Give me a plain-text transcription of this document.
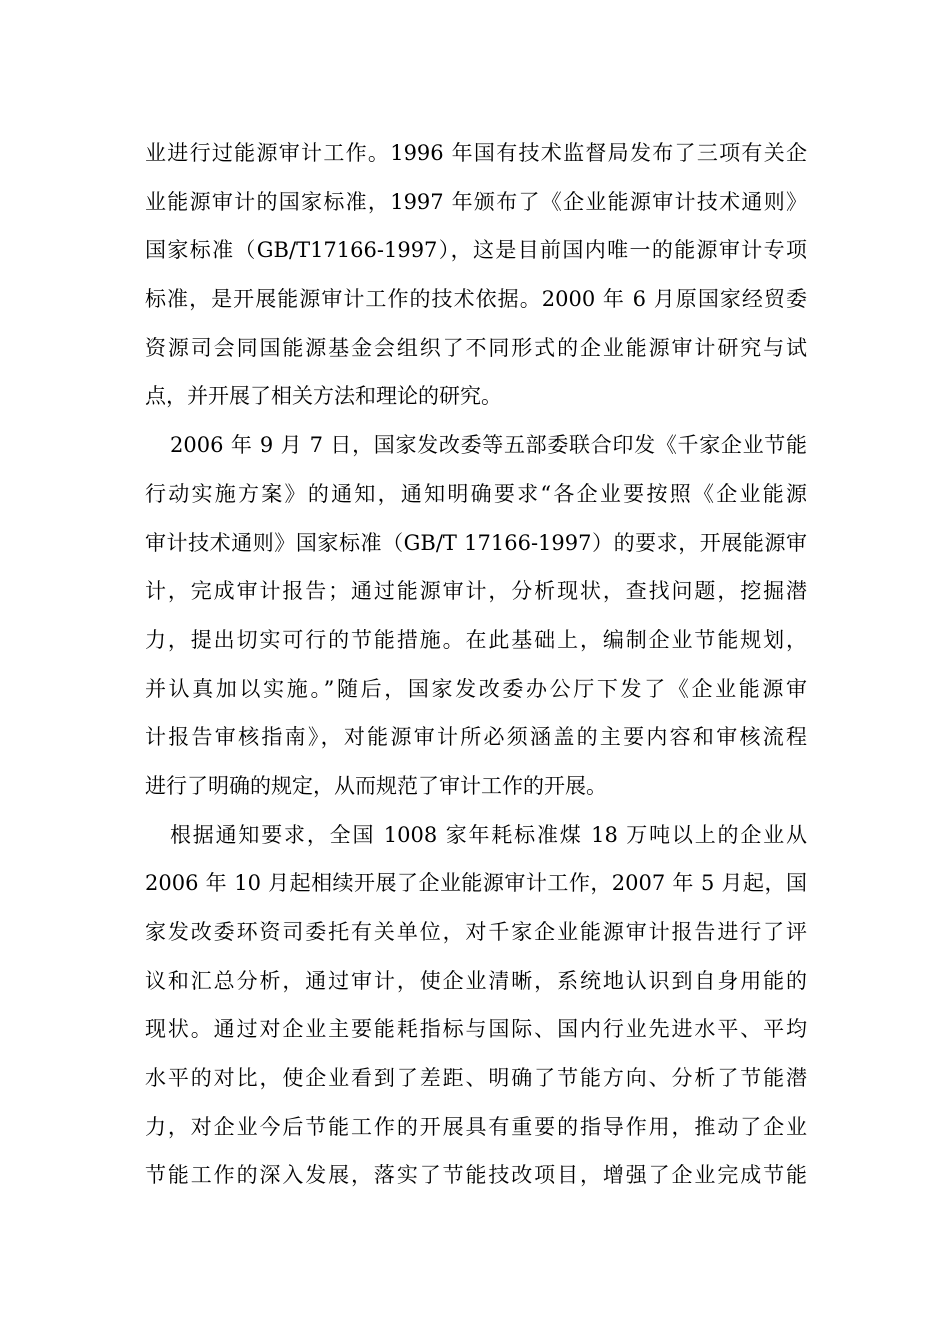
业进行过能源审计工作。1996 年国有技术监督局发布了三项有关企
业能源审计的国家标准，1997 年颁布了《企业能源审计技术通则》
国家标准（GB/T17166-1997），这是目前国内唯一的能源审计专项
标准，是开展能源审计工作的技术依据。2000 年 6 月原国家经贸委
资源司会同国能源基金会组织了不同形式的企业能源审计研究与试
点，并开展了相关方法和理论的研究。
2006 年 9 月 7 日，国家发改委等五部委联合印发《千家企业节能
行动实施方案》的通知，通知明确要求“各企业要按照《企业能源
审计技术通则》国家标准（GB/T 17166-1997）的要求，开展能源审
计，完成审计报告；通过能源审计，分析现状，查找问题，挖掘潜
力，提出切实可行的节能措施。在此基础上，编制企业节能规划，
并认真加以实施。”随后，国家发改委办公厅下发了《企业能源审
计报告审核指南》，对能源审计所必须涵盖的主要内容和审核流程
进行了明确的规定，从而规范了审计工作的开展。
根据通知要求，全国 1008 家年耗标准煤 18 万吨以上的企业从
2006 年 10 月起相续开展了企业能源审计工作，2007 年 5 月起，国
家发改委环资司委托有关单位，对千家企业能源审计报告进行了评
议和汇总分析，通过审计，使企业清晰，系统地认识到自身用能的
现状。通过对企业主要能耗指标与国际、国内行业先进水平、平均
水平的对比，使企业看到了差距、明确了节能方向、分析了节能潜
力，对企业今后节能工作的开展具有重要的指导作用，推动了企业
节能工作的深入发展，落实了节能技改项目，增强了企业完成节能
